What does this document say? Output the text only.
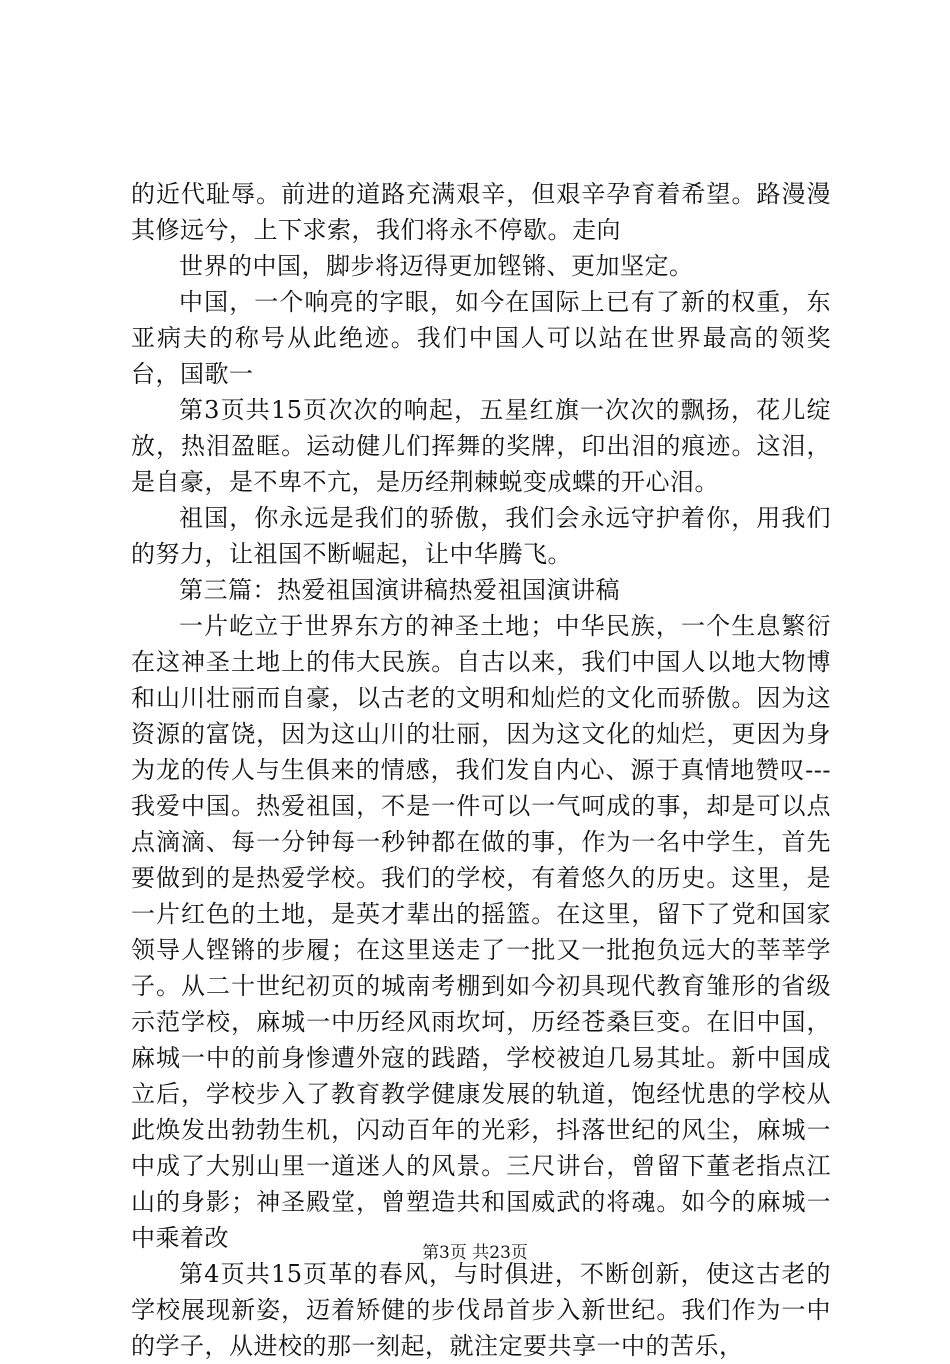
的近代耻辱。前进的道路充满艰辛，但艰辛孕育着希望。路漫漫其修远兮，上下求索，我们将永不停歇。走向

世界的中国，脚步将迈得更加铿锵、更加坚定。

中国，一个响亮的字眼，如今在国际上已有了新的权重，东亚病夫的称号从此绝迹。我们中国人可以站在世界最高的领奖台，国歌一

第3页共15页次次的响起，五星红旗一次次的飘扬，花儿绽放，热泪盈眶。运动健儿们挥舞的奖牌，印出泪的痕迹。这泪，是自豪，是不卑不亢，是历经荆棘蜕变成蝶的开心泪。

祖国，你永远是我们的骄傲，我们会永远守护着你，用我们的努力，让祖国不断崛起，让中华腾飞。

第三篇：热爱祖国演讲稿热爱祖国演讲稿

一片屹立于世界东方的神圣土地；中华民族，一个生息繁衍在这神圣土地上的伟大民族。自古以来，我们中国人以地大物博和山川壮丽而自豪，以古老的文明和灿烂的文化而骄傲。因为这资源的富饶，因为这山川的壮丽，因为这文化的灿烂，更因为身为龙的传人与生俱来的情感，我们发自内心、源于真情地赞叹---我爱中国。热爱祖国，不是一件可以一气呵成的事，却是可以点点滴滴、每一分钟每一秒钟都在做的事，作为一名中学生，首先要做到的是热爱学校。我们的学校，有着悠久的历史。这里，是一片红色的土地，是英才辈出的摇篮。在这里，留下了党和国家领导人铿锵的步履；在这里送走了一批又一批抱负远大的莘莘学子。从二十世纪初页的城南考棚到如今初具现代教育雏形的省级示范学校，麻城一中历经风雨坎坷，历经苍桑巨变。在旧中国，麻城一中的前身惨遭外寇的践踏，学校被迫几易其址。新中国成立后，学校步入了教育教学健康发展的轨道，饱经忧患的学校从此焕发出勃勃生机，闪动百年的光彩，抖落世纪的风尘，麻城一中成了大别山里一道迷人的风景。三尺讲台，曾留下董老指点江山的身影；神圣殿堂，曾塑造共和国威武的将魂。如今的麻城一中乘着改

第4页共15页革的春风，与时俱进，不断创新，使这古老的学校展现新姿，迈着矫健的步伐昂首步入新世纪。我们作为一中的学子，从进校的那一刻起，就注定要共享一中的苦乐，

第3页 共23页
